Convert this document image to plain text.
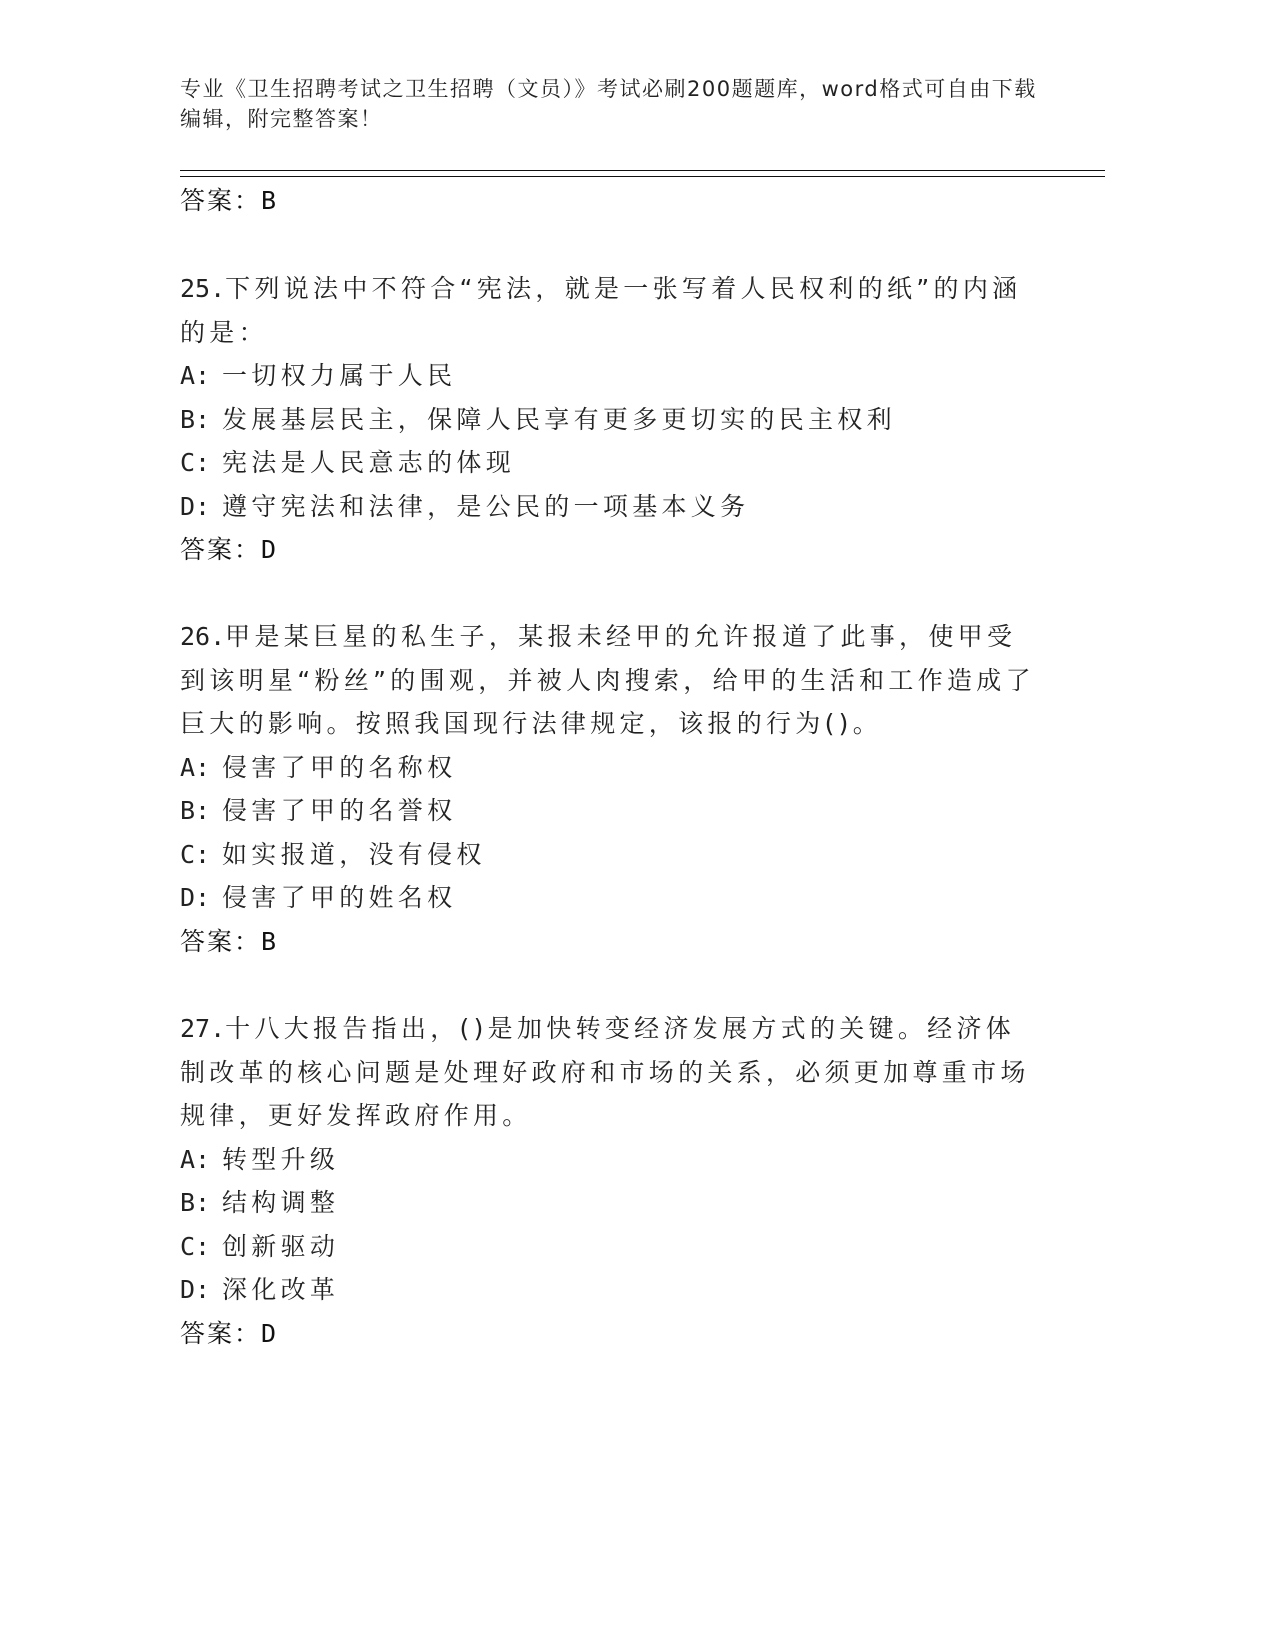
专业《卫生招聘考试之卫生招聘（文员）》考试必刷200题题库，word格式可自由下载编辑，附完整答案！
答案：B

25.下列说法中不符合“宪法，就是一张写着人民权利的纸”的内涵的是：

A: 一切权力属于人民
B: 发展基层民主，保障人民享有更多更切实的民主权利
C: 宪法是人民意志的体现
D: 遵守宪法和法律，是公民的一项基本义务
答案：D

26.甲是某巨星的私生子，某报未经甲的允许报道了此事，使甲受到该明星“粉丝”的围观，并被人肉搜索，给甲的生活和工作造成了巨大的影响。按照我国现行法律规定，该报的行为()。

A: 侵害了甲的名称权
B: 侵害了甲的名誉权
C: 如实报道，没有侵权
D: 侵害了甲的姓名权
答案：B

27.十八大报告指出，()是加快转变经济发展方式的关键。经济体制改革的核心问题是处理好政府和市场的关系，必须更加尊重市场规律，更好发挥政府作用。

A: 转型升级
B: 结构调整
C: 创新驱动
D: 深化改革
答案：D
